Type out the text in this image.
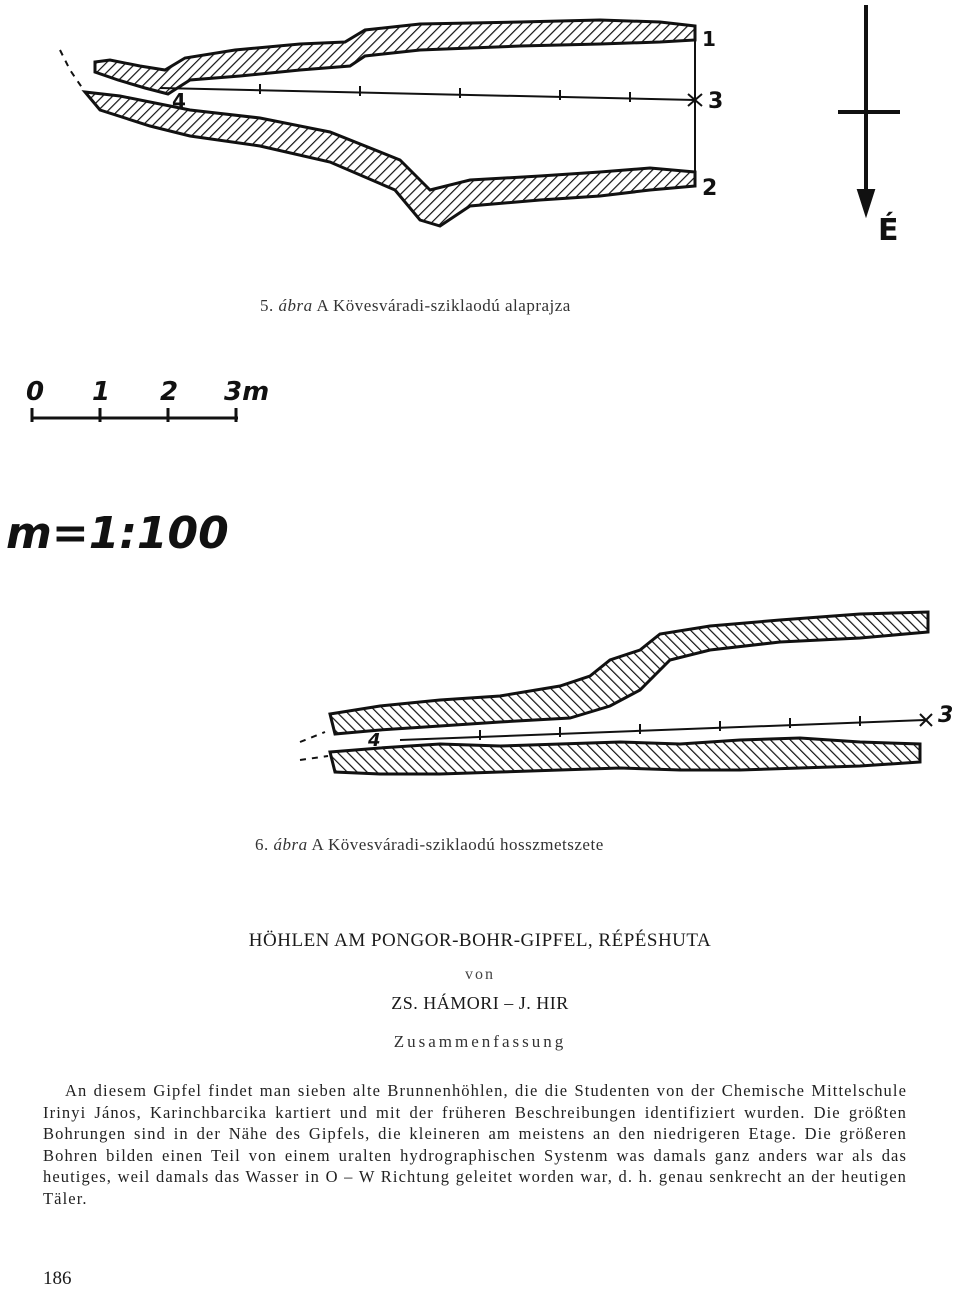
4	3
2
1
É
5. ábra A Kövesváradi-sziklaodú alaprajza
0 1 2 3m
m=1:100
4
3
6. ábra A Kövesváradi-sziklaodú hosszmetszete
HÖHLEN AM PONGOR-BOHR-GIPFEL, RÉPÉSHUTA
von
ZS. HÁMORI – J. HIR
Zusammenfassung
An diesem Gipfel findet man sieben alte Brunnenhöhlen, die die Studenten von der Chemische Mittelschule Irinyi János, Karinchbarcika kartiert und mit der früheren Beschreibungen identifiziert wurden. Die größten Bohrungen sind in der Nähe des Gipfels, die kleineren am meistens an den niedrigeren Etage. Die größeren Bohren bilden einen Teil von einem uralten hydrographischen Systenm was damals ganz anders war als das heutiges, weil damals das Wasser in O – W Richtung geleitet worden war, d. h. genau senkrecht an der heutigen Täler.
186
